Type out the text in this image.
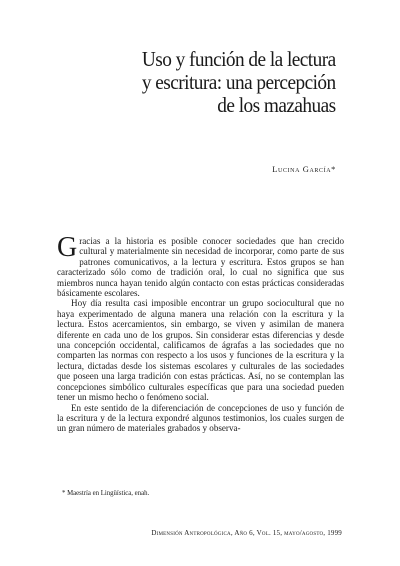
Uso y función de la lectura
y escritura: una percepción
de los mazahuas
Lucina García*

Gracias a la historia es posible conocer sociedades que han crecido cultural y materialmente sin necesidad de incorporar, como parte de sus patrones comunicativos, a la lectura y escritura. Estos grupos se han caracterizado sólo como de tradición oral, lo cual no significa que sus miembros nunca hayan tenido algún contacto con estas prácticas consideradas básicamente escolares.

Hoy día resulta casi imposible encontrar un grupo sociocultural que no haya experimentado de alguna manera una relación con la escritura y la lectura. Estos acercamientos, sin embargo, se viven y asimilan de manera diferente en cada uno de los grupos. Sin considerar estas diferencias y desde una concepción occidental, calificamos de ágrafas a las sociedades que no comparten las normas con respecto a los usos y funciones de la escritura y la lectura, dictadas desde los sistemas escolares y culturales de las sociedades que poseen una larga tradición con estas prácticas. Así, no se contemplan las concepciones simbólico culturales específicas que para una sociedad pueden tener un mismo hecho o fenómeno social.

En este sentido de la diferenciación de concepciones de uso y función de la escritura y de la lectura expondré algunos testimonios, los cuales surgen de un gran número de materiales grabados y observa-

* Maestría en Lingüística, enah.
Dimensión Antropológica, Año 6, Vol. 15, mayo/agosto, 1999
